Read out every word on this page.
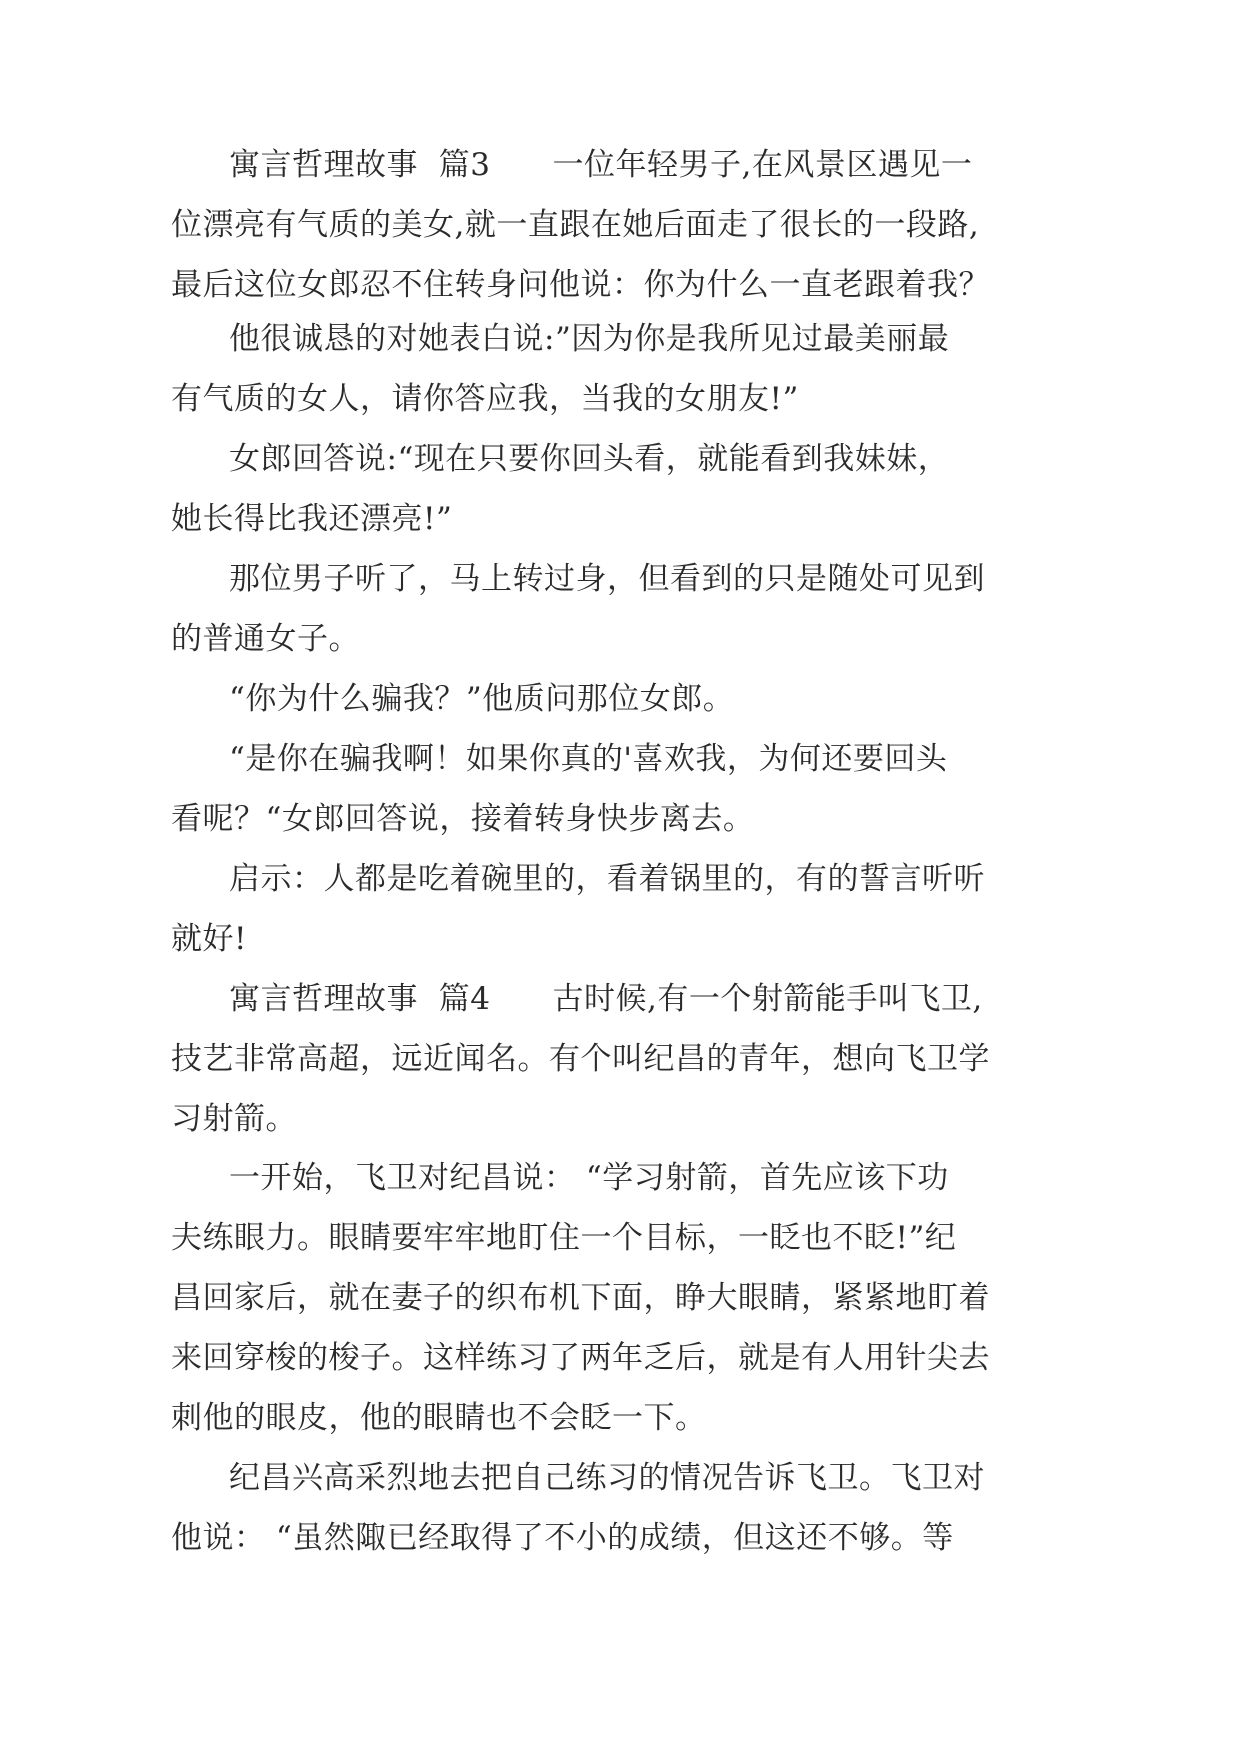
寓言哲理故事  篇3      一位年轻男子,在风景区遇见一
位漂亮有气质的美女,就一直跟在她后面走了很长的一段路,
最后这位女郎忍不住转身问他说：你为什么一直老跟着我？
他很诚恳的对她表白说:”因为你是我所见过最美丽最
有气质的女人，请你答应我，当我的女朋友!”
女郎回答说:“现在只要你回头看，就能看到我妹妹，
她长得比我还漂亮!”
那位男子听了，马上转过身，但看到的只是随处可见到
的普通女子。
“你为什么骗我？”他质问那位女郎。
“是你在骗我啊！如果你真的'喜欢我，为何还要回头
看呢？“女郎回答说，接着转身快步离去。
启示：人都是吃着碗里的，看着锅里的，有的誓言听听
就好!
寓言哲理故事  篇4      古时候,有一个射箭能手叫飞卫,
技艺非常高超，远近闻名。有个叫纪昌的青年，想向飞卫学
习射箭。
一开始，飞卫对纪昌说： “学习射箭，首先应该下功
夫练眼力。眼睛要牢牢地盯住一个目标，一眨也不眨!”纪
昌回家后，就在妻子的织布机下面，睁大眼睛，紧紧地盯着
来回穿梭的梭子。这样练习了两年乏后，就是有人用针尖去
刺他的眼皮，他的眼睛也不会眨一下。
纪昌兴高采烈地去把自己练习的情况告诉飞卫。飞卫对
他说： “虽然陬已经取得了不小的成绩，但这还不够。等
